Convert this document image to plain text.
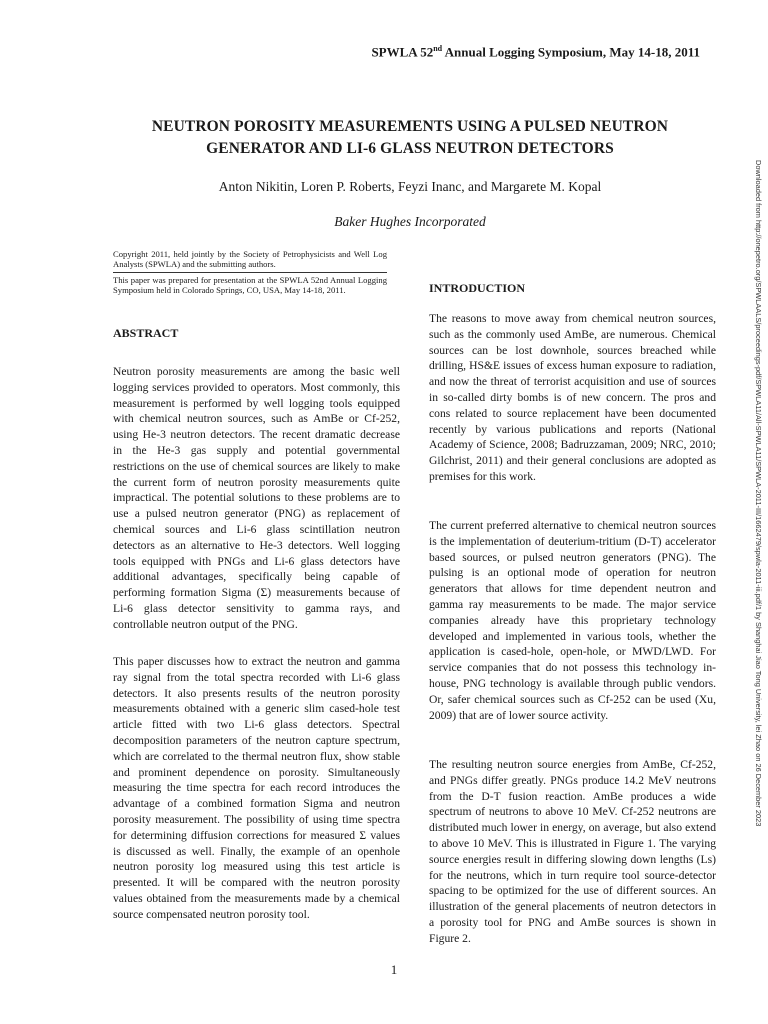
SPWLA 52nd Annual Logging Symposium, May 14-18, 2011
NEUTRON POROSITY MEASUREMENTS USING A PULSED NEUTRON
GENERATOR AND LI-6 GLASS NEUTRON DETECTORS
Anton Nikitin, Loren P. Roberts, Feyzi Inanc, and Margarete M. Kopal
Baker Hughes Incorporated
Copyright 2011, held jointly by the Society of Petrophysicists and Well Log Analysts (SPWLA) and the submitting authors.
This paper was prepared for presentation at the SPWLA 52nd Annual Logging Symposium held in Colorado Springs, CO, USA, May 14-18, 2011.
ABSTRACT

Neutron porosity measurements are among the basic well logging services provided to operators. Most commonly, this measurement is performed by well logging tools equipped with chemical neutron sources, such as AmBe or Cf-252, using He-3 neutron detectors. The recent dramatic decrease in the He-3 gas supply and potential governmental restrictions on the use of chemical sources are likely to make the current form of neutron porosity measurements quite impractical. The potential solutions to these problems are to use a pulsed neutron generator (PNG) as replacement of chemical sources and Li-6 glass scintillation neutron detectors as an alternative to He-3 detectors. Well logging tools equipped with PNGs and Li-6 glass detectors have additional advantages, specifically being capable of performing formation Sigma (Σ) measurements because of Li-6 glass detector sensitivity to gamma rays, and controllable neutron output of the PNG.

This paper discusses how to extract the neutron and gamma ray signal from the total spectra recorded with Li-6 glass detectors. It also presents results of the neutron porosity measurements obtained with a generic slim cased-hole test article fitted with two Li-6 glass detectors. Spectral decomposition parameters of the neutron capture spectrum, which are correlated to the thermal neutron flux, show stable and prominent dependence on porosity. Simultaneously measuring the time spectra for each record introduces the advantage of a combined formation Sigma and neutron porosity measurement. The possibility of using time spectra for determining diffusion corrections for measured Σ values is discussed as well. Finally, the example of an openhole neutron porosity log measured using this test article is presented. It will be compared with the neutron porosity values obtained from the measurements made by a chemical source compensated neutron porosity tool.

INTRODUCTION

The reasons to move away from chemical neutron sources, such as the commonly used AmBe, are numerous. Chemical sources can be lost downhole, sources breached while drilling, HS&E issues of excess human exposure to radiation, and now the threat of terrorist acquisition and use of sources in so-called dirty bombs is of new concern. The pros and cons related to source replacement have been documented recently by various publications and reports (National Academy of Science, 2008; Badruzzaman, 2009; NRC, 2010; Gilchrist, 2011) and their general conclusions are adopted as premises for this work.

The current preferred alternative to chemical neutron sources is the implementation of deuterium-tritium (D-T) accelerator based sources, or pulsed neutron generators (PNG). The pulsing is an optional mode of operation for neutron generators that allows for time dependent neutron and gamma ray measurements to be made. The major service companies already have this proprietary technology developed and implemented in various tools, whether the application is cased-hole, open-hole, or MWD/LWD. For service companies that do not possess this technology in-house, PNG technology is available through public vendors. Or, safer chemical sources such as Cf-252 can be used (Xu, 2009) that are of lower source activity.

The resulting neutron source energies from AmBe, Cf-252, and PNGs differ greatly. PNGs produce 14.2 MeV neutrons from the D-T fusion reaction. AmBe produces a wide spectrum of neutrons to above 10 MeV. Cf-252 neutrons are distributed much lower in energy, on average, but also extend to above 10 MeV. This is illustrated in Figure 1. The varying source energies result in differing slowing down lengths (Ls) for the neutrons, which in turn require tool source-detector spacing to be optimized for the use of different sources. An illustration of the general placements of neutron detectors in a porosity tool for PNG and AmBe sources is shown in Figure 2.

Downloaded from http://onepetro.org/SPWLAALS/proceedings-pdf/SPWLA11/All-SPWLA11/SPWLA-2011-III/1662479/spwla-2011-iii.pdf/1 by Shanghai Jiao Tong University, lei Zhao on 26 December 2023
1
